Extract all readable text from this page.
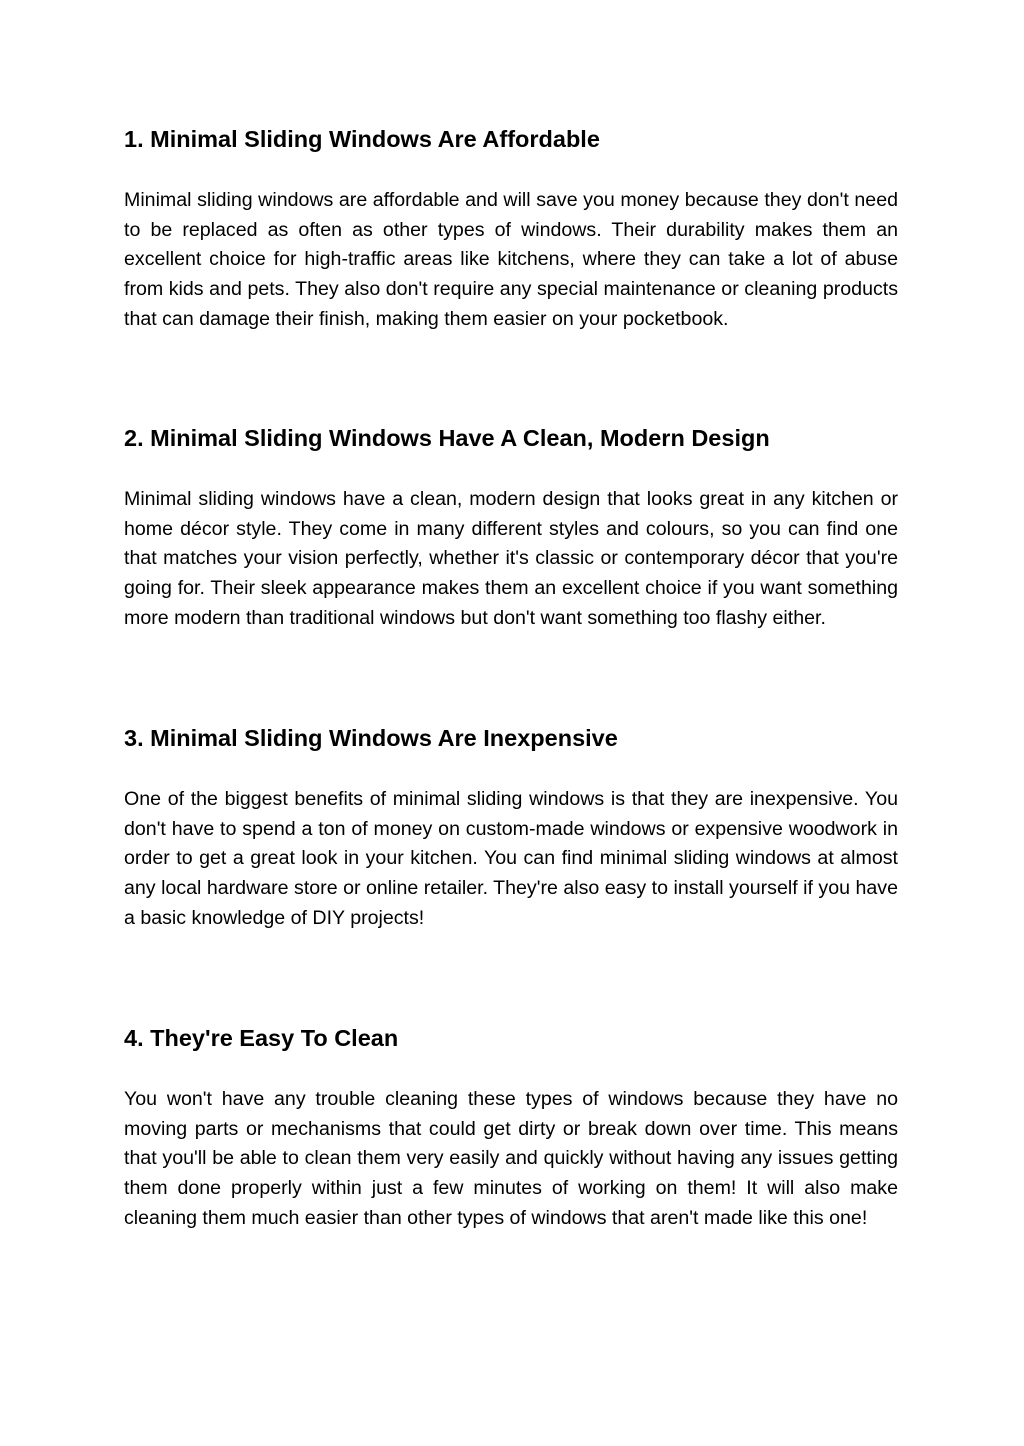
1. Minimal Sliding Windows Are Affordable

Minimal sliding windows are affordable and will save you money because they don't need to be replaced as often as other types of windows. Their durability makes them an excellent choice for high-traffic areas like kitchens, where they can take a lot of abuse from kids and pets. They also don't require any special maintenance or cleaning products that can damage their finish, making them easier on your pocketbook.

2. Minimal Sliding Windows Have A Clean, Modern Design

Minimal sliding windows have a clean, modern design that looks great in any kitchen or home décor style. They come in many different styles and colours, so you can find one that matches your vision perfectly, whether it's classic or contemporary décor that you're going for. Their sleek appearance makes them an excellent choice if you want something more modern than traditional windows but don't want something too flashy either.

3. Minimal Sliding Windows Are Inexpensive

One of the biggest benefits of minimal sliding windows is that they are inexpensive. You don't have to spend a ton of money on custom-made windows or expensive woodwork in order to get a great look in your kitchen. You can find minimal sliding windows at almost any local hardware store or online retailer. They're also easy to install yourself if you have a basic knowledge of DIY projects!

4. They're Easy To Clean

You won't have any trouble cleaning these types of windows because they have no moving parts or mechanisms that could get dirty or break down over time. This means that you'll be able to clean them very easily and quickly without having any issues getting them done properly within just a few minutes of working on them! It will also make cleaning them much easier than other types of windows that aren't made like this one!
